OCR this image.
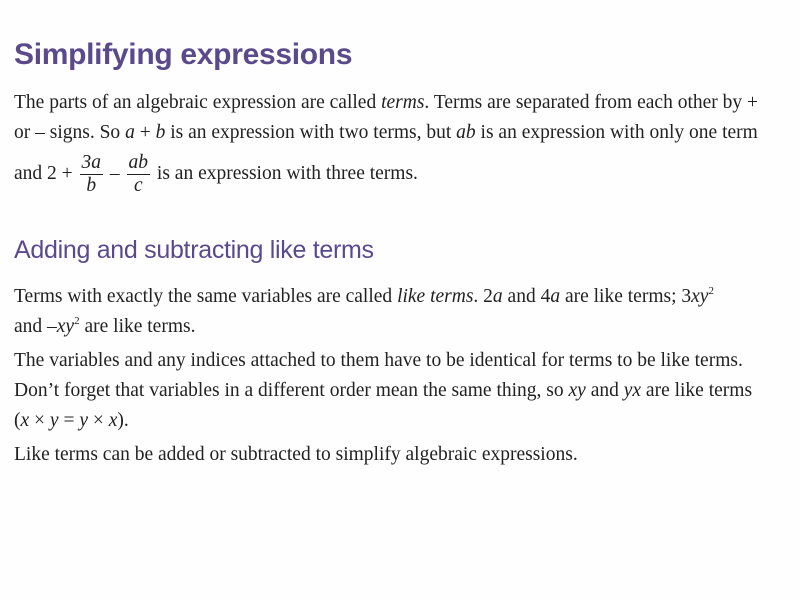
Simplifying expressions

The parts of an algebraic expression are called terms. Terms are separated from each other by +
or – signs. So a + b is an expression with two terms, but ab is an expression with only one term

and $2 + \frac{3a}{b} - \frac{ab}{c}$ is an expression with three terms.

Adding and subtracting like terms

Terms with exactly the same variables are called like terms. 2a and 4a are like terms; $3xy^2$
and $-xy^2$ are like terms.

The variables and any indices attached to them have to be identical for terms to be like terms.
Don’t forget that variables in a different order mean the same thing, so xy and yx are like terms
(x × y = y × x).

Like terms can be added or subtracted to simplify algebraic expressions.
